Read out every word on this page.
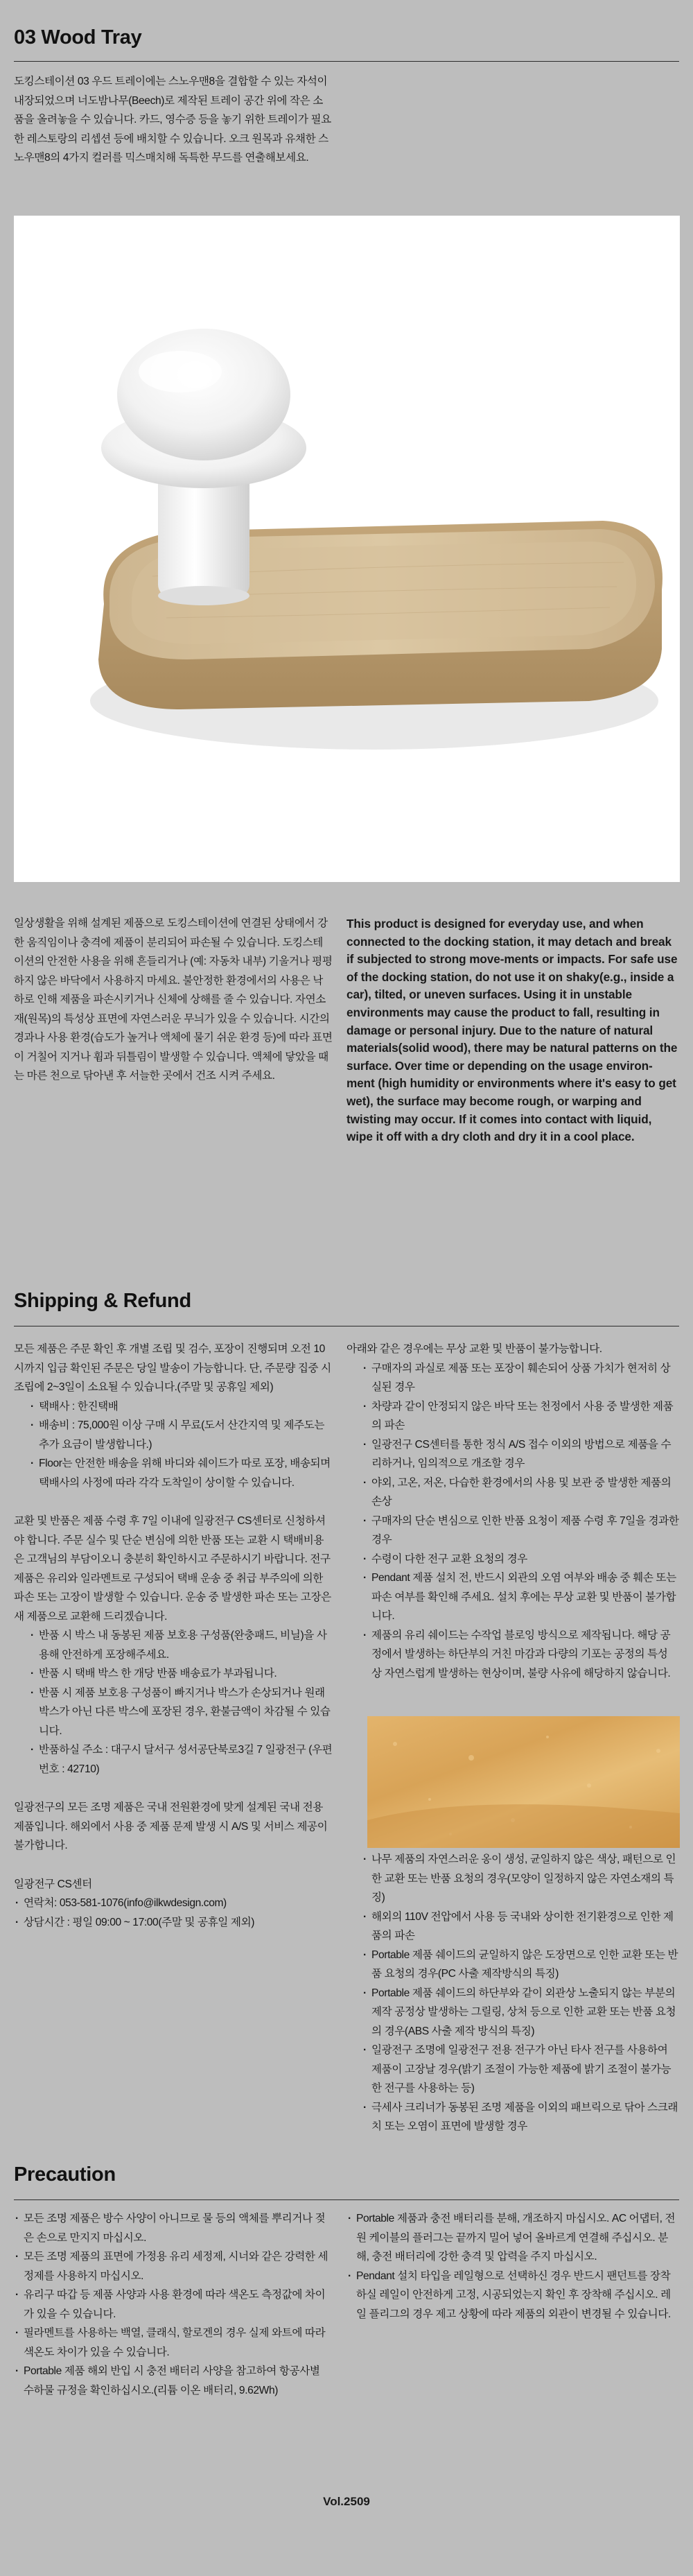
03 Wood Tray

도킹스테이션 03 우드 트레이에는 스노우맨8을 결합할 수 있는 자석이 내장되었으며 너도밤나무(Beech)로 제작된 트레이 공간 위에 작은 소품을 올려놓을 수 있습니다. 카드, 영수증 등을 놓기 위한 트레이가 필요한 레스토랑의 리셉션 등에 배치할 수 있습니다. 오크 원목과 유채한 스노우맨8의 4가지 컬러를 믹스매치해 독특한 무드를 연출해보세요.

일상생활을 위해 설계된 제품으로 도킹스테이션에 연결된 상태에서 강한 움직임이나 충격에 제품이 분리되어 파손될 수 있습니다. 도킹스테이션의 안전한 사용을 위해 흔들리거나 (예: 자동차 내부) 기울거나 평평하지 않은 바닥에서 사용하지 마세요. 불안정한 환경에서의 사용은 낙하로 인해 제품을 파손시키거나 신체에 상해를 줄 수 있습니다. 자연소재(원목)의 특성상 표면에 자연스러운 무늬가 있을 수 있습니다. 시간의 경과나 사용 환경(습도가 높거나 액체에 물기 쉬운 환경 등)에 따라 표면이 거칠어 지거나 휨과 뒤틀림이 발생할 수 있습니다. 액체에 닿았을 때는 마른 천으로 닦아낸 후 서늘한 곳에서 건조 시켜 주세요.

This product is designed for everyday use, and when connected to the docking station, it may detach and break if subjected to strong move-ments or impacts. For safe use of the docking station, do not use it on shaky(e.g., inside a car), tilted, or uneven surfaces. Using it in unstable environments may cause the product to fall, resulting in damage or personal injury. Due to the nature of natural materials(solid wood), there may be natural patterns on the surface. Over time or depending on the usage environ-ment (high humidity or environments where it's easy to get wet), the surface may become rough, or warping and twisting may occur. If it comes into contact with liquid, wipe it off with a dry cloth and dry it in a cool place.

Shipping & Refund

모든 제품은 주문 확인 후 개별 조립 및 검수, 포장이 진행되며 오전 10시까지 입금 확인된 주문은 당일 발송이 가능합니다. 단, 주문량 집중 시 조립에 2~3일이 소요될 수 있습니다.(주말 및 공휴일 제외)

· 택배사 : 한진택배
· 배송비 : 75,000원 이상 구매 시 무료(도서 산간지역 및 제주도는 추가 요금이 발생합니다.)
· Floor는 안전한 배송을 위해 바디와 쉐이드가 따로 포장, 배송되며 택배사의 사정에 따라 각각 도착일이 상이할 수 있습니다.

교환 및 반품은 제품 수령 후 7일 이내에 일광전구 CS센터로 신청하셔야 합니다. 주문 실수 및 단순 변심에 의한 반품 또는 교환 시 택배비용은 고객님의 부담이오니 충분히 확인하시고 주문하시기 바랍니다. 전구 제품은 유리와 일라멘트로 구성되어 택배 운송 중 취급 부주의에 의한 파손 또는 고장이 발생할 수 있습니다. 운송 중 발생한 파손 또는 고장은 새 제품으로 교환해 드리겠습니다.

· 반품 시 박스 내 동봉된 제품 보호용 구성품(완충패드, 비닐)을 사용해 안전하게 포장해주세요.
· 반품 시 택배 박스 한 개당 반품 배송료가 부과됩니다.
· 반품 시 제품 보호용 구성품이 빠지거나 박스가 손상되거나 원래 박스가 아닌 다른 박스에 포장된 경우, 환불금액이 차감될 수 있습니다.
· 반품하실 주소 : 대구시 달서구 성서공단북로3길 7 일광전구 (우편번호 : 42710)

일광전구의 모든 조명 제품은 국내 전원환경에 맞게 설계된 국내 전용 제품입니다. 해외에서 사용 중 제품 문제 발생 시 A/S 및 서비스 제공이 불가합니다.

일광전구 CS센터

· 연락처: 053-581-1076(info@ilkwdesign.com)
· 상담시간 : 평일 09:00 ~ 17:00(주말 및 공휴일 제외)

아래와 같은 경우에는 무상 교환 및 반품이 불가능합니다.

· 구매자의 과실로 제품 또는 포장이 훼손되어 상품 가치가 현저히 상실된 경우
· 차량과 같이 안정되지 않은 바닥 또는 천정에서 사용 중 발생한 제품의 파손
· 일광전구 CS센터를 통한 정식 A/S 접수 이외의 방법으로 제품을 수리하거나, 임의적으로 개조할 경우
· 야외, 고온, 저온, 다습한 환경에서의 사용 및 보관 중 발생한 제품의 손상
· 구매자의 단순 변심으로 인한 반품 요청이 제품 수령 후 7일을 경과한 경우
· 수령이 다한 전구 교환 요청의 경우
· Pendant 제품 설치 전, 반드시 외관의 오염 여부와 배송 중 훼손 또는 파손 여부를 확인해 주세요. 설치 후에는 무상 교환 및 반품이 불가합니다.
· 제품의 유리 쉐이드는 수작업 블로잉 방식으로 제작됩니다. 해당 공정에서 발생하는 하단부의 거친 마감과 다량의 기포는 공정의 특성 상 자연스럽게 발생하는 현상이며, 불량 사유에 해당하지 않습니다.
· 나무 제품의 자연스러운 옹이 생성, 균일하지 않은 색상, 패턴으로 인한 교환 또는 반품 요청의 경우(모양이 일정하지 않은 자연소재의 특징)
· 해외의 110V 전압에서 사용 등 국내와 상이한 전기환경으로 인한 제품의 파손
· Portable 제품 쉐이드의 균일하지 않은 도장면으로 인한 교환 또는 반품 요청의 경우(PC 사출 제작방식의 특징)
· Portable 제품 쉐이드의 하단부와 같이 외관상 노출되지 않는 부분의 제작 공정상 발생하는 그릴링, 상처 등으로 인한 교환 또는 반품 요청의 경우(ABS 사출 제작 방식의 특징)
· 일광전구 조명에 일광전구 전용 전구가 아닌 타사 전구를 사용하여 제품이 고장날 경우(밝기 조절이 가능한 제품에 밝기 조절이 불가능한 전구를 사용하는 등)
· 극세사 크리너가 동봉된 조명 제품을 이외의 패브릭으로 닦아 스크래치 또는 오염이 표면에 발생할 경우
Precaution
· 모든 조명 제품은 방수 사양이 아니므로 물 등의 액체를 뿌리거나 젖은 손으로 만지지 마십시오.
· 모든 조명 제품의 표면에 가정용 유리 세정제, 시너와 같은 강력한 세정제를 사용하지 마십시오.
· 유리구 따갑 등 제품 사양과 사용 환경에 따라 색온도 측정값에 차이가 있을 수 있습니다.
· 필라멘트를 사용하는 백열, 클래식, 할로겐의 경우 실제 와트에 따라 색온도 차이가 있을 수 있습니다.
· Portable 제품 해외 반입 시 충전 배터리 사양을 참고하여 항공사별 수하물 규정을 확인하십시오.(리튬 이온 배터리, 9.62Wh)
· Portable 제품과 충전 배터리를 분해, 개조하지 마십시오. AC 어댑터, 전원 케이블의 플러그는 끝까지 밀어 넣어 올바르게 연결해 주십시오. 분해, 충전 배터리에 강한 충격 및 압력을 주지 마십시오.
· Pendant 설치 타입을 레일형으로 선택하신 경우 반드시 팬던트를 장착하실 레일이 안전하게 고정, 시공되었는지 확인 후 장착해 주십시오. 레일 플리그의 경우 제고 상황에 따라 제품의 외관이 변경될 수 있습니다.
Vol.2509
